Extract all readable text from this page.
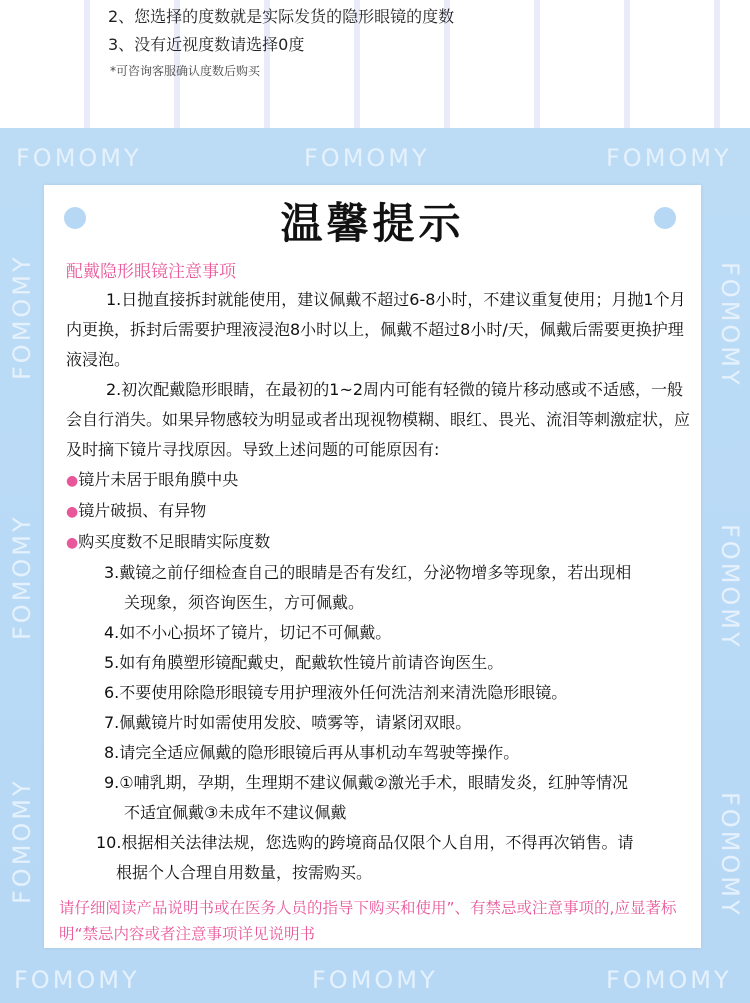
2、您选择的度数就是实际发货的隐形眼镜的度数
3、没有近视度数请选择0度
*可咨询客服确认度数后购买
FOMOMY	FOMOMY	FOMOMY
FOMOMY
FOMOMY
FOMOMY
FOMOMY
FOMOMY
FOMOMY
FOMOMY	FOMOMY	FOMOMY
温馨提示
配戴隐形眼镜注意事项

1.日抛直接拆封就能使用，建议佩戴不超过6-8小时，不建议重复使用；月抛1个月内更换，拆封后需要护理液浸泡8小时以上，佩戴不超过8小时/天，佩戴后需要更换护理液浸泡。

2.初次配戴隐形眼睛，在最初的1~2周内可能有轻微的镜片移动感或不适感，一般会自行消失。如果异物感较为明显或者出现视物模糊、眼红、畏光、流泪等刺激症状，应及时摘下镜片寻找原因。导致上述问题的可能原因有:

●镜片未居于眼角膜中央

●镜片破损、有异物

●购买度数不足眼睛实际度数

3.戴镜之前仔细检查自己的眼睛是否有发红，分泌物增多等现象，若出现相
关现象，须咨询医生，方可佩戴。

4.如不小心损坏了镜片，切记不可佩戴。

5.如有角膜塑形镜配戴史，配戴软性镜片前请咨询医生。

6.不要使用除隐形眼镜专用护理液外任何洗洁剂来清洗隐形眼镜。

7.佩戴镜片时如需使用发胶、喷雾等，请紧闭双眼。

8.请完全适应佩戴的隐形眼镜后再从事机动车驾驶等操作。

9.①哺乳期，孕期，生理期不建议佩戴②激光手术，眼睛发炎，红肿等情况
不适宜佩戴③未成年不建议佩戴

10.根据相关法律法规，您选购的跨境商品仅限个人自用，不得再次销售。请
根据个人合理自用数量，按需购买。

请仔细阅读产品说明书或在医务人员的指导下购买和使用”、有禁忌或注意事项的,应显著标明“禁忌内容或者注意事项详见说明书
